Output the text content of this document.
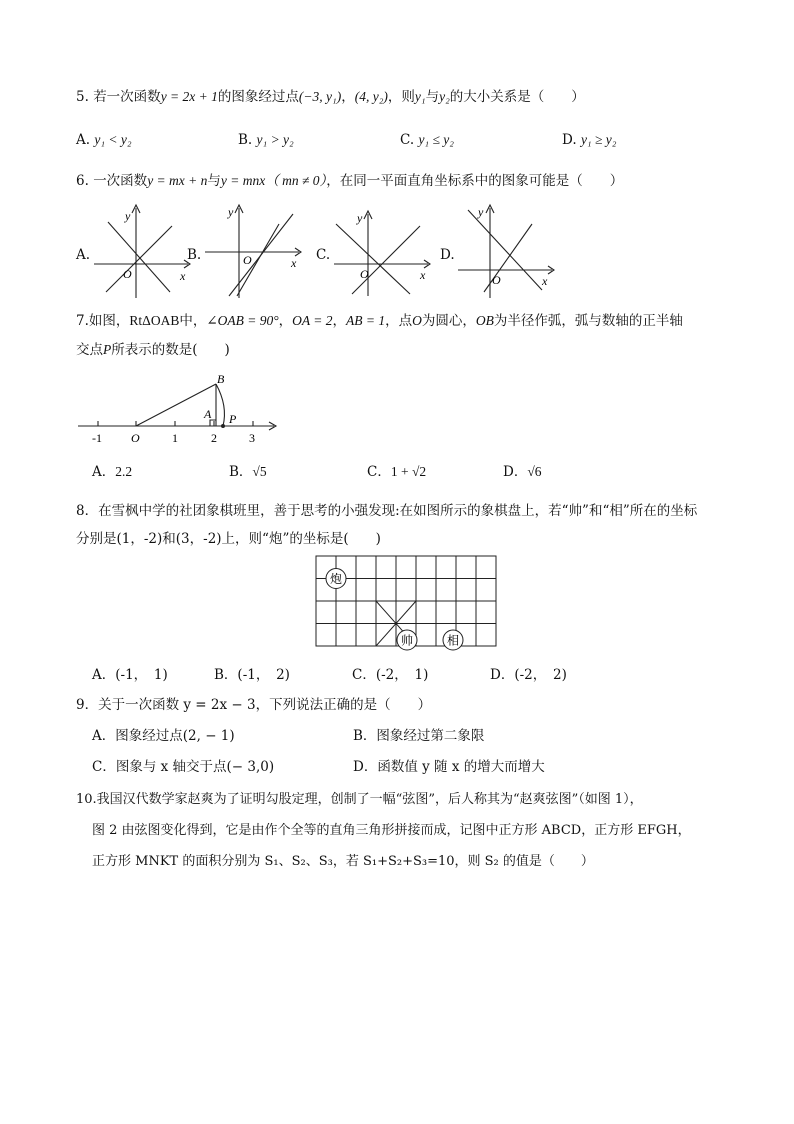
5. 若一次函数y = 2x + 1的图象经过点(−3, y₁)，(4, y₂)，则y₁与y₂的大小关系是（　　）
A. y₁ < y₂	B. y₁ > y₂	C. y₁ ≤ y₂	D. y₁ ≥ y₂
6. 一次函数y = mx + n与y = mnx（ mn ≠ 0），在同一平面直角坐标系中的图象可能是（　　）
A.
y
x
O
B.
y
x
O	C.
y
x
O
D.
y
x
O
7.如图，RtΔOAB中，∠OAB = 90°，OA = 2，AB = 1，点O为圆心，OB为半径作弧，弧与数轴的正半轴
交点P所表示的数是(　　)
-1 O	1	2	3
A
B
P
A．2.2	B．√5	C．1 + √2	D．√6
8．在雪枫中学的社团象棋班里，善于思考的小强发现:在如图所示的象棋盘上，若“帅”和“相”所在的坐标
分别是(1，-2)和(3，-2)上，则“炮”的坐标是(　　)
炮
帅	相
A．(-1，　1)	B．(-1，　2)	C．(-2，　1)	D．(-2，　2)
9．关于一次函数 y = 2x − 3，下列说法正确的是（　　）
A．图象经过点(2, − 1)	B．图象经过第二象限
C．图象与 x 轴交于点(− 3,0)	D．函数值 y 随 x 的增大而增大
10.我国汉代数学家赵爽为了证明勾股定理，创制了一幅“弦图”，后人称其为“赵爽弦图”（如图 1），
图 2 由弦图变化得到，它是由作个全等的直角三角形拼接而成，记图中正方形 ABCD，正方形 EFGH，
正方形 MNKT 的面积分别为 S₁、S₂、S₃，若 S₁+S₂+S₃=10，则 S₂ 的值是（　　）
